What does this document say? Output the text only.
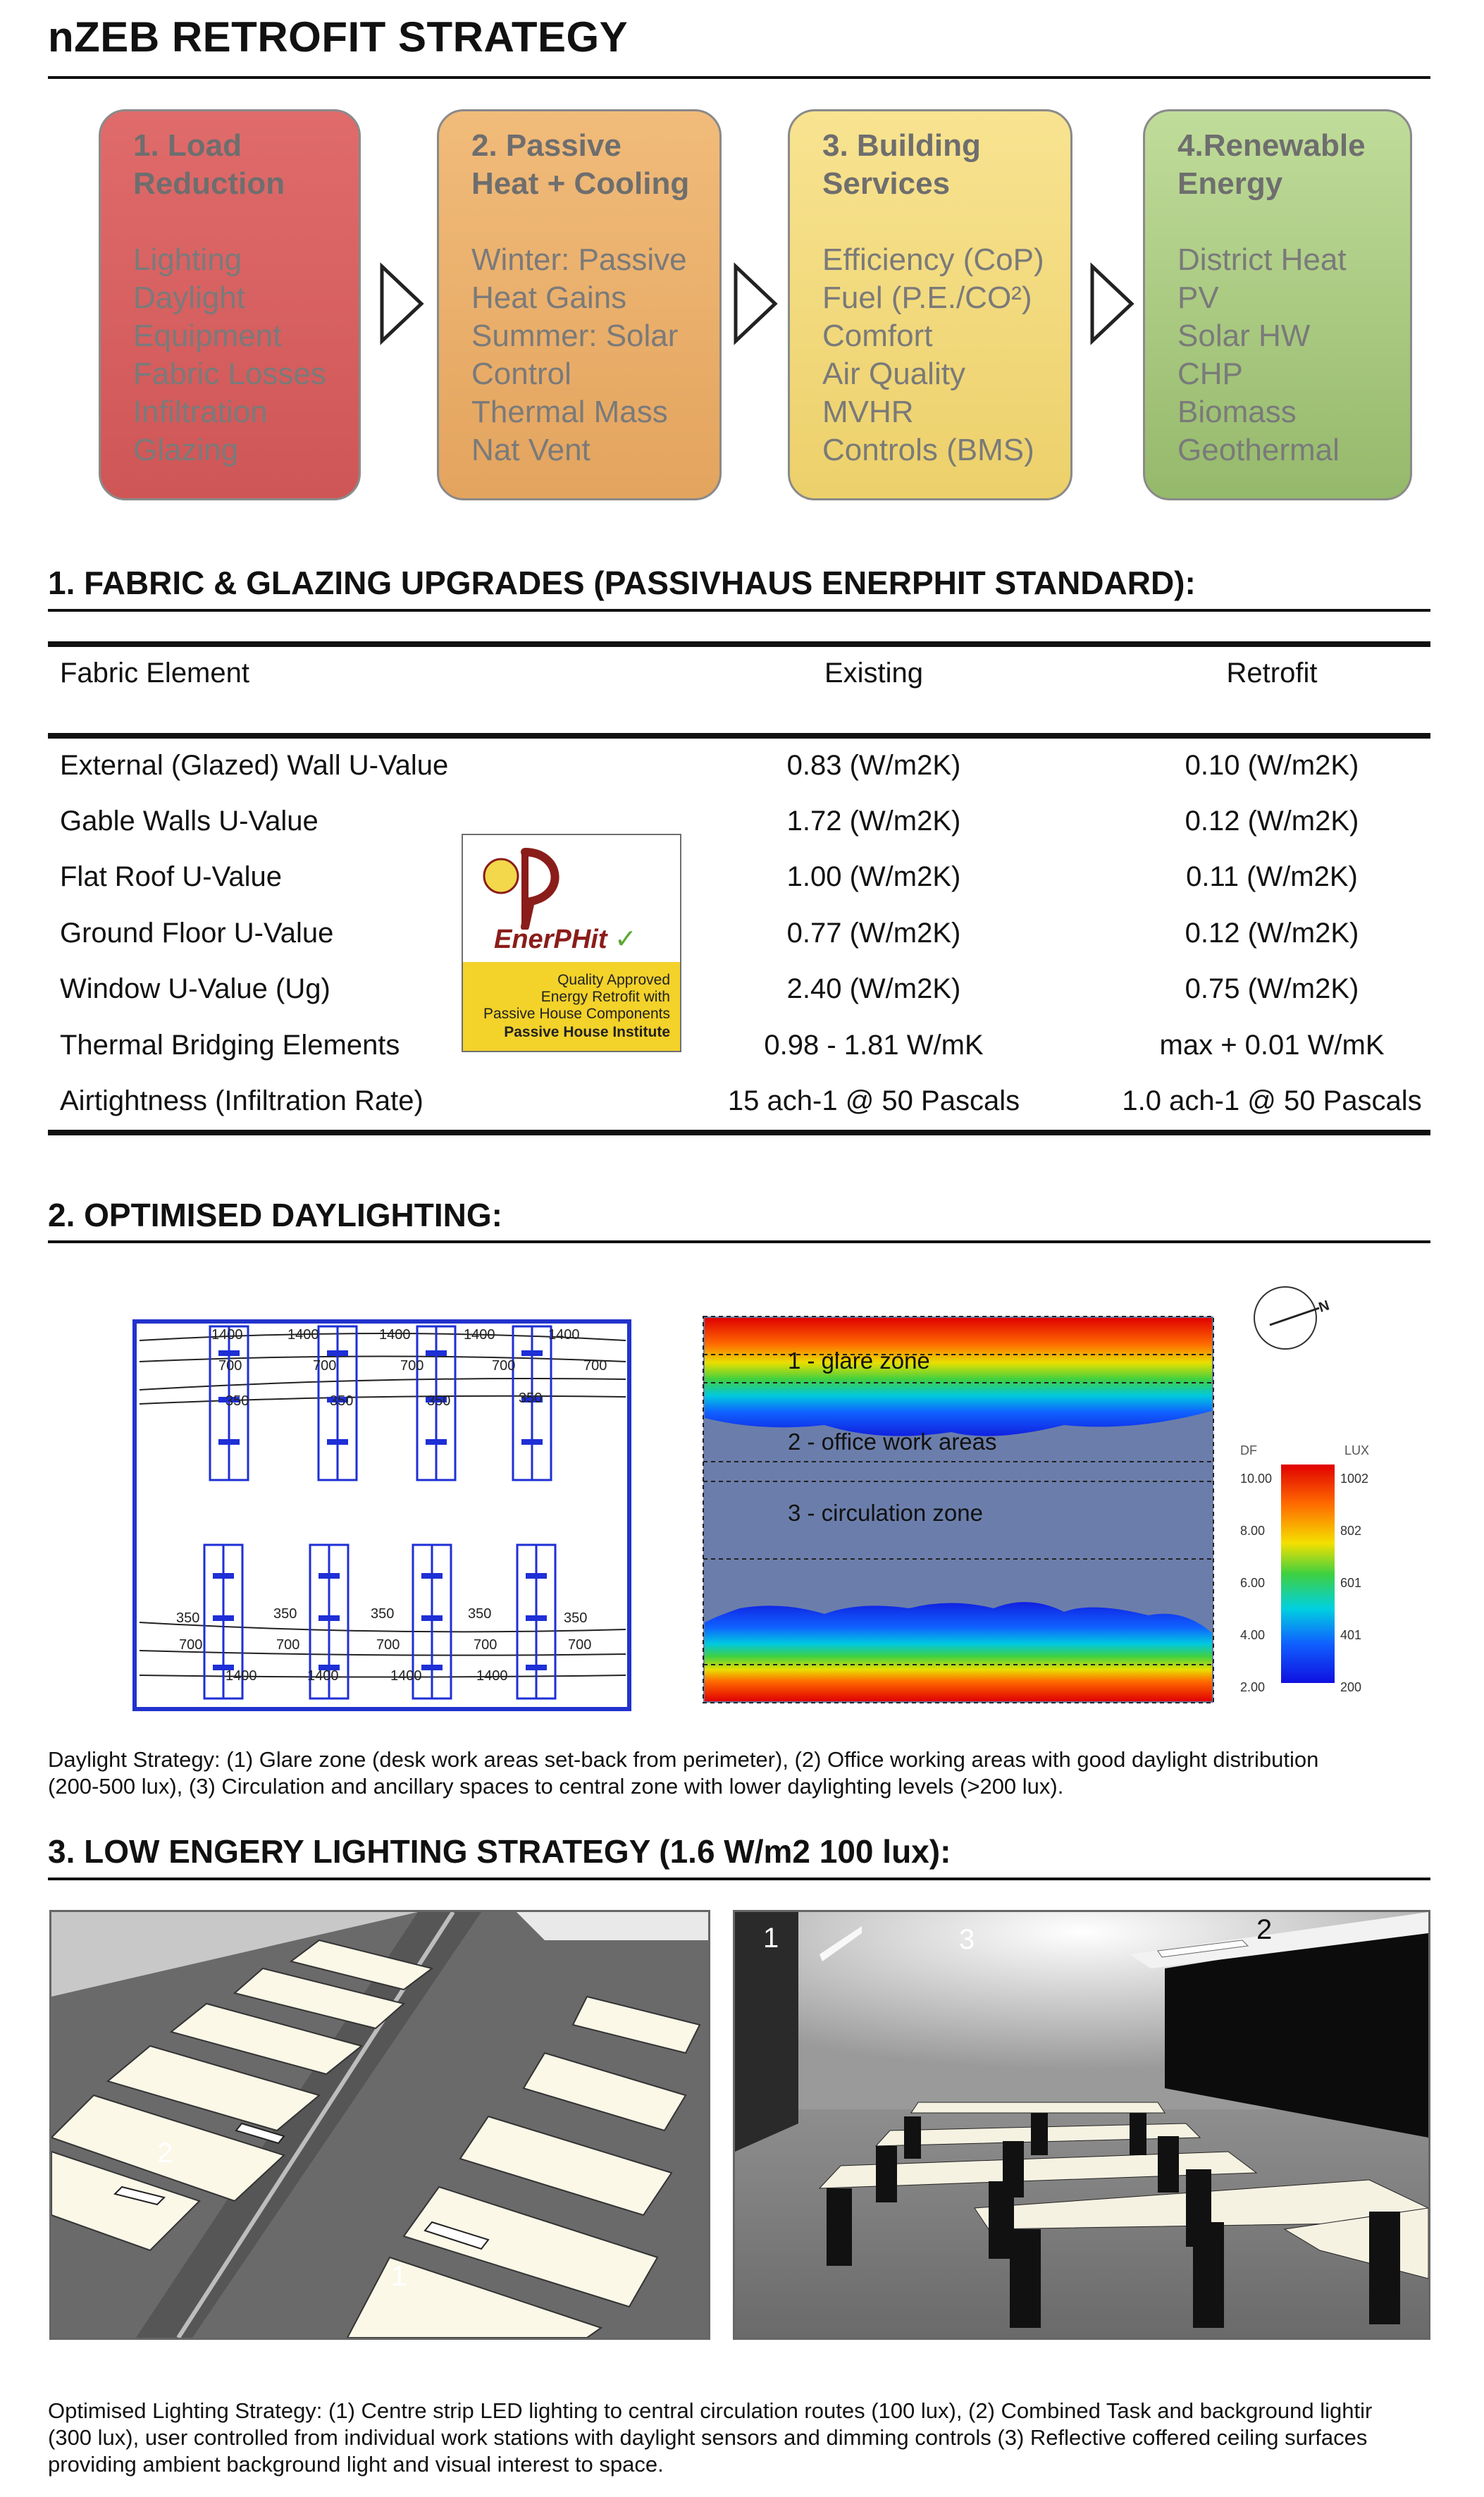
nZEB RETROFIT STRATEGY
1. Load
Reduction
Lighting
Daylight
Equipment
Fabric Losses
Infiltration
Glazing
2. Passive
Heat + Cooling
Winter: Passive
Heat Gains
Summer: Solar
Control
Thermal Mass
Nat Vent
3. Building
Services
Efficiency (CoP)
Fuel (P.E./CO²)
Comfort
Air Quality
MVHR
Controls (BMS)
4.Renewable
Energy
District Heat
PV
Solar HW
CHP
Biomass
Geothermal
1. FABRIC & GLAZING UPGRADES (PASSIVHAUS ENERPHIT STANDARD):
Fabric Element	Existing	Retrofit
External (Glazed) Wall U-Value	0.83 (W/m2K)	0.10 (W/m2K)
Gable Walls U-Value	1.72 (W/m2K)	0.12 (W/m2K)
Flat Roof U-Value	1.00 (W/m2K)	0.11 (W/m2K)
Ground Floor U-Value	0.77 (W/m2K)	0.12 (W/m2K)
Window U-Value (Ug)	2.40 (W/m2K)	0.75 (W/m2K)
Thermal Bridging Elements	0.98 - 1.81 W/mK	max + 0.01 W/mK
Airtightness (Infiltration Rate)	15 ach-1 @ 50 Pascals	1.0 ach-1 @ 50 Pascals
EnerPHit ✓
Quality Approved
Energy Retrofit with
Passive House Components
Passive House Institute
2. OPTIMISED DAYLIGHTING:
1400	1400	1400	1400	1400
700	700	700	700	700
350	350	350	350
350	350	350	350	350
700	700	700	700	700
1400	1400	1400	1400
1 - glare zone
2 - office work areas
3 - circulation zone
N
DF	LUX
10.00
8.00
6.00
4.00
2.00
1002
802
601
401
200
Daylight Strategy: (1) Glare zone (desk work areas set-back from perimeter), (2) Office working areas with good daylight distribution
(200-500 lux), (3) Circulation and ancillary spaces to central zone with lower daylighting levels (>200 lux).
3. LOW ENGERY LIGHTING STRATEGY (1.6 W/m2 100 lux):
2
1
1	3	2
Optimised Lighting Strategy: (1) Centre strip LED lighting to central circulation routes (100 lux), (2) Combined Task and background lightir
(300 lux), user controlled from individual work stations with daylight sensors and dimming controls (3) Reflective coffered ceiling surfaces
providing ambient background light and visual interest to space.
